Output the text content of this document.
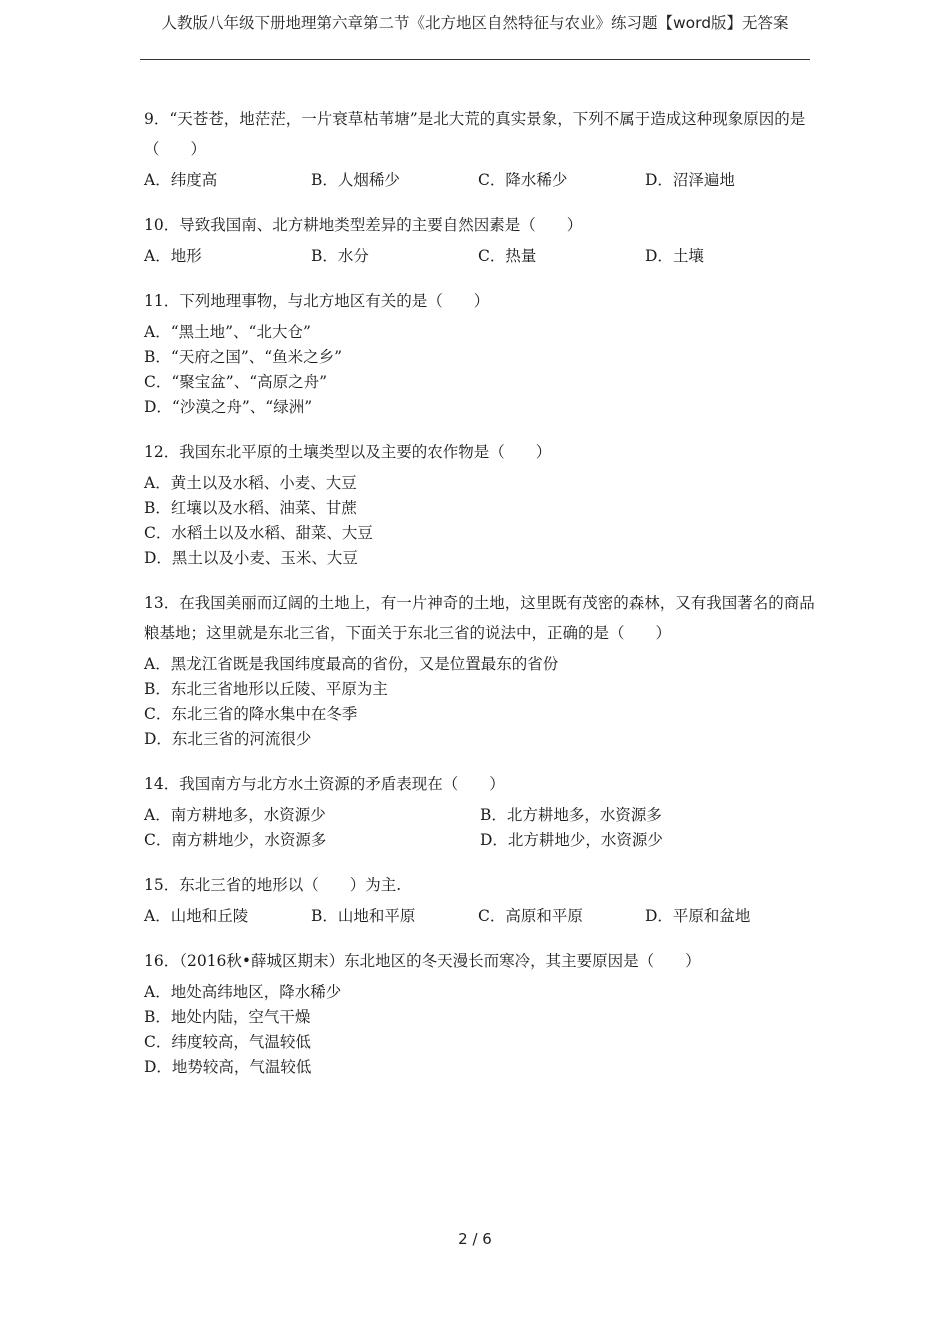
人教版八年级下册地理第六章第二节《北方地区自然特征与农业》练习题【word版】无答案
9．“天苍苍，地茫茫，一片衰草枯苇塘”是北大荒的真实景象，下列不属于造成这种现象原因的是（　　）
A．纬度高	B．人烟稀少	C．降水稀少	D．沼泽遍地
10．导致我国南、北方耕地类型差异的主要自然因素是（　　）
A．地形	B．水分	C．热量	D．土壤
11．下列地理事物，与北方地区有关的是（　　）
A．“黑土地”、“北大仓”
B．“天府之国”、“鱼米之乡”
C．“聚宝盆”、“高原之舟”
D．“沙漠之舟”、“绿洲”
12．我国东北平原的土壤类型以及主要的农作物是（　　）
A．黄土以及水稻、小麦、大豆
B．红壤以及水稻、油菜、甘蔗
C．水稻土以及水稻、甜菜、大豆
D．黑土以及小麦、玉米、大豆
13．在我国美丽而辽阔的土地上，有一片神奇的土地，这里既有茂密的森林，又有我国著名的商品粮基地；这里就是东北三省，下面关于东北三省的说法中，正确的是（　　）
A．黑龙江省既是我国纬度最高的省份，又是位置最东的省份
B．东北三省地形以丘陵、平原为主
C．东北三省的降水集中在冬季
D．东北三省的河流很少
14．我国南方与北方水土资源的矛盾表现在（　　）
A．南方耕地多，水资源少	B．北方耕地多，水资源多
C．南方耕地少，水资源多	D．北方耕地少，水资源少
15．东北三省的地形以（　　）为主.
A．山地和丘陵	B．山地和平原	C．高原和平原	D．平原和盆地
16．（2016秋•薛城区期末）东北地区的冬天漫长而寒冷，其主要原因是（　　）
A．地处高纬地区，降水稀少
B．地处内陆，空气干燥
C．纬度较高，气温较低
D．地势较高，气温较低
2 / 6
